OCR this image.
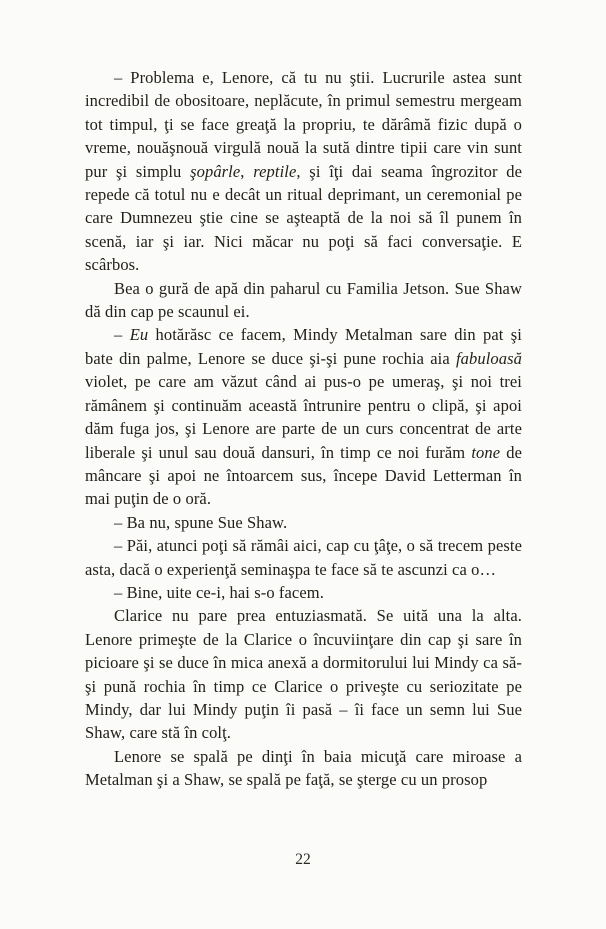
– Problema e, Lenore, că tu nu ştii. Lucrurile astea sunt incredibil de obositoare, neplăcute, în primul semestru mergeam tot timpul, ţi se face greaţă la propriu, te dărâmă fizic după o vreme, nouăşnouă virgulă nouă la sută dintre tipii care vin sunt pur şi simplu şopârle, reptile, şi îţi dai seama îngrozitor de repede că totul nu e decât un ritual deprimant, un ceremonial pe care Dumnezeu ştie cine se aşteaptă de la noi să îl punem în scenă, iar şi iar. Nici măcar nu poţi să faci conversaţie. E scârbos.

Bea o gură de apă din paharul cu Familia Jetson. Sue Shaw dă din cap pe scaunul ei.

– Eu hotărăsc ce facem, Mindy Metalman sare din pat şi bate din palme, Lenore se duce şi-şi pune rochia aia fabuloasă violet, pe care am văzut când ai pus-o pe umeraş, şi noi trei rămânem şi continuăm această întrunire pentru o clipă, şi apoi dăm fuga jos, şi Lenore are parte de un curs concentrat de arte liberale şi unul sau două dansuri, în timp ce noi furăm tone de mâncare şi apoi ne întoarcem sus, începe David Letterman în mai puţin de o oră.

– Ba nu, spune Sue Shaw.

– Păi, atunci poţi să rămâi aici, cap cu ţâţe, o să trecem peste asta, dacă o experienţă seminaşpa te face să te ascunzi ca o…

– Bine, uite ce-i, hai s-o facem.

Clarice nu pare prea entuziasmată. Se uită una la alta. Lenore primeşte de la Clarice o încuviinţare din cap şi sare în picioare şi se duce în mica anexă a dormitorului lui Mindy ca să-şi pună rochia în timp ce Clarice o priveşte cu seriozitate pe Mindy, dar lui Mindy puţin îi pasă – îi face un semn lui Sue Shaw, care stă în colţ.

Lenore se spală pe dinţi în baia micuţă care miroase a Metalman şi a Shaw, se spală pe faţă, se şterge cu un prosop

22
